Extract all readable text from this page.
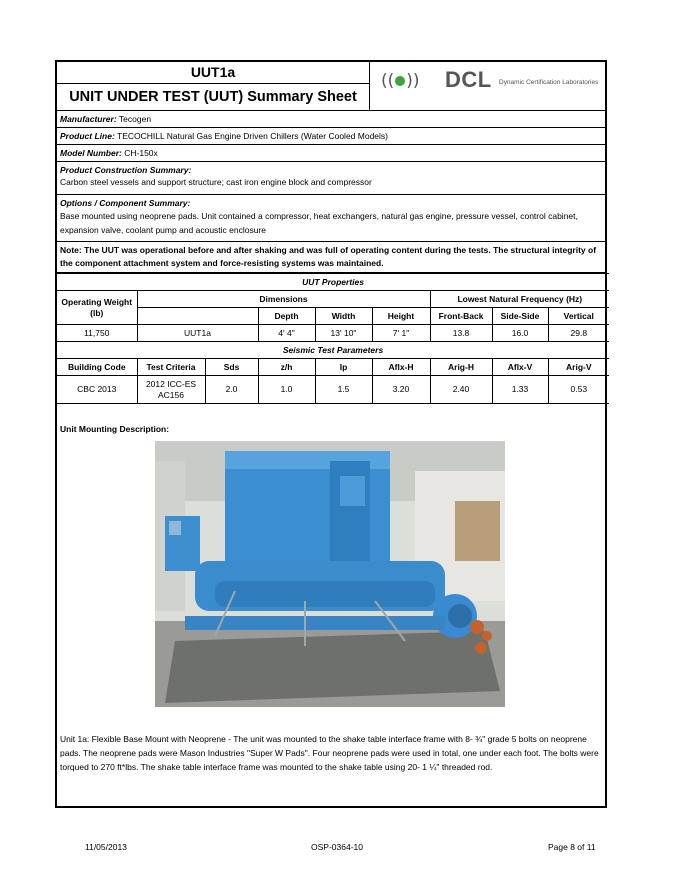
UUT1a
UNIT UNDER TEST (UUT) Summary Sheet
(( )) DCL Dynamic Certification Laboratories
Manufacturer: Tecogen
Product Line: TECOCHILL Natural Gas Engine Driven Chillers (Water Cooled Models)
Model Number: CH-150x
Product Construction Summary:
Carbon steel vessels and support structure; cast iron engine block and compressor
Options / Component Summary:
Base mounted using neoprene pads. Unit contained a compressor, heat exchangers, natural gas engine, pressure vessel, control cabinet, expansion valve, coolant pump and acoustic enclosure
Note: The UUT was operational before and after shaking and was full of operating content during the tests. The structural integrity of the component attachment system and force-resisting systems was maintained.
UUT Properties								
Operating Weight (lb)	Dimensions					Lowest Natural Frequency (Hz)		
			Depth	Width	Height	Front-Back	Side-Side	Vertical
11,750	UUT1a		4' 4"	13' 10"	7' 1"	13.8	16.0	29.8
Seismic Test Parameters								
Building Code	Test Criteria	Sds	z/h	Ip	Aflx-H	Arig-H	Aflx-V	Arig-V
CBC 2013	2012 ICC-ES AC156	2.0	1.0	1.5	3.20	2.40	1.33	0.53
Unit Mounting Description:
Unit 1a: Flexible Base Mount with Neoprene - The unit was mounted to the shake table interface frame with 8- ¾" grade 5 bolts on neoprene pads. The neoprene pads were Mason Industries "Super W Pads". Four neoprene pads were used in total, one under each foot. The bolts were torqued to 270 ft*lbs. The shake table interface frame was mounted to the shake table using 20- 1 ¼" threaded rod.
11/05/2013	OSP-0364-10	Page 8 of 11
